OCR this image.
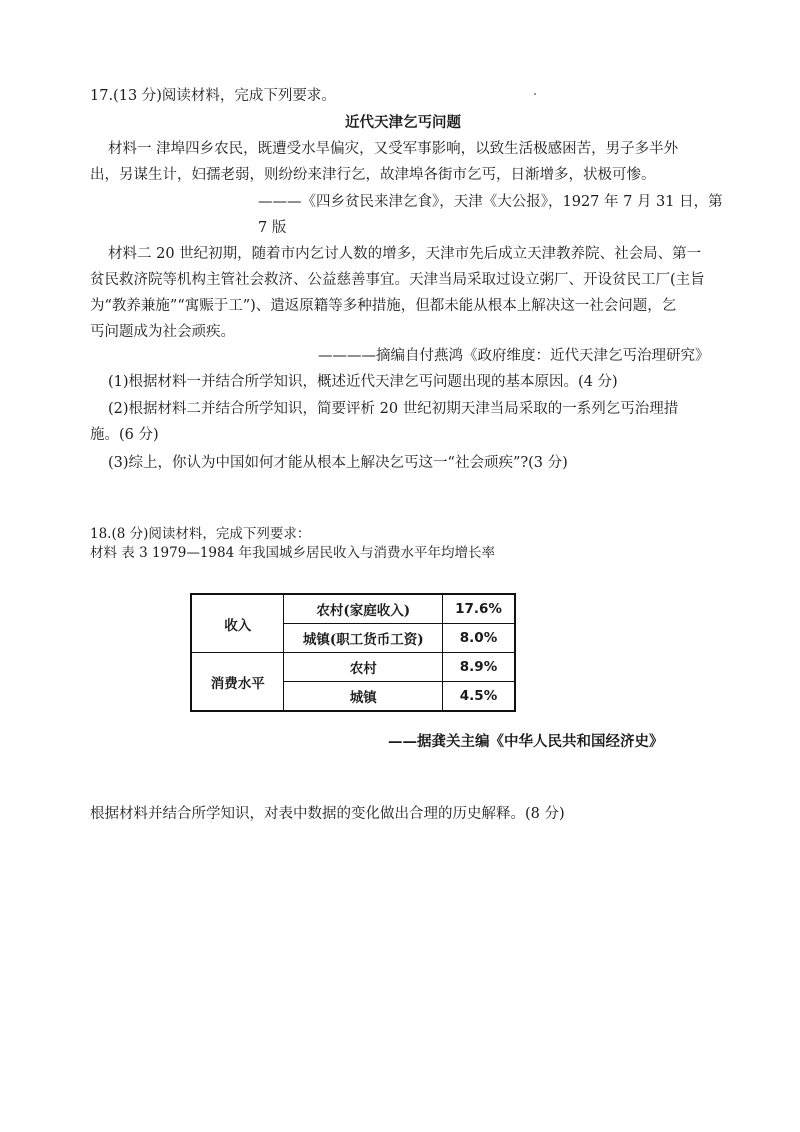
17.(13 分)阅读材料，完成下列要求。
近代天津乞丐问题
材料一 津埠四乡农民，既遭受水旱偏灾，又受军事影响，以致生活极感困苦，男子多半外
出，另谋生计，妇孺老弱，则纷纷来津行乞，故津埠各街市乞丐，日渐增多，状极可惨。
———《四乡贫民来津乞食》，天津《大公报》，1927 年 7 月 31 日，第
7 版
材料二 20 世纪初期，随着市内乞讨人数的增多，天津市先后成立天津教养院、社会局、第一
贫民救济院等机构主管社会救济、公益慈善事宜。天津当局采取过设立粥厂、开设贫民工厂(主旨
为“教养兼施”“寓赈于工”)、遣返原籍等多种措施，但都未能从根本上解决这一社会问题，乞
丐问题成为社会顽疾。
————摘编自付燕鸿《政府维度：近代天津乞丐治理研究》
(1)根据材料一并结合所学知识，概述近代天津乞丐问题出现的基本原因。(4 分)
(2)根据材料二并结合所学知识，简要评析 20 世纪初期天津当局采取的一系列乞丐治理措
施。(6 分)
(3)综上，你认为中国如何才能从根本上解决乞丐这一“社会顽疾”?(3 分)
18.(8 分)阅读材料，完成下列要求：
材料 表 3 1979—1984 年我国城乡居民收入与消费水平年均增长率
收入	农村(家庭收入)	17.6%
	城镇(职工货币工资)	8.0%
消费水平	农村	8.9%
	城镇	4.5%
——据龚关主编《中华人民共和国经济史》
根据材料并结合所学知识，对表中数据的变化做出合理的历史解释。(8 分)
